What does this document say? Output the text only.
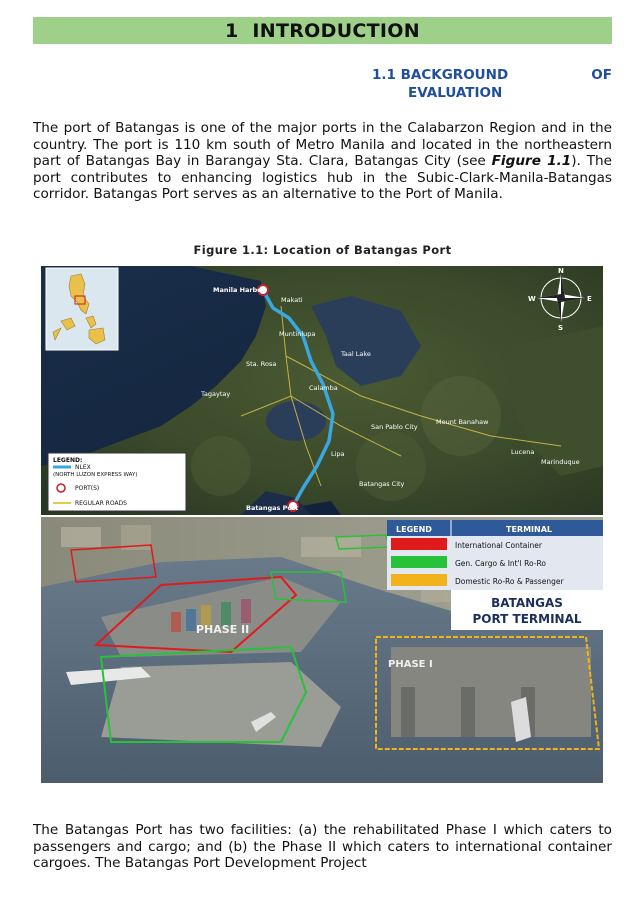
1
INTRODUCTION
1.1 BACKGROUND	OF
EVALUATION
The port of Batangas is one of the major ports in the Calabarzon Region and in the country. The port is 110 km south of Metro Manila and located in the northeastern part of Batangas Bay in Barangay Sta. Clara, Batangas City (see Figure 1.1). The port contributes to enhancing logistics hub in the Subic-Clark-Manila-Batangas corridor. Batangas Port serves as an alternative to the Port of Manila.
Figure 1.1: Location of Batangas Port
Manila Harbor
Batangas Port
Makati
Muntinlupa
Taal Lake
Calamba
Sta. Rosa
Tagaytay
Lipa
San Pablo City
Batangas City
Mount Banahaw
Lucena
Marinduque
N
S
E
W
LEGEND:
NLEX
(NORTH LUZON EXPRESS WAY)
PORT(S)
REGULAR ROADS
PHASE II
PHASE I
LEGEND	TERMINAL
International Container
Gen. Cargo & Int'l Ro-Ro
Domestic Ro-Ro & Passenger
BATANGAS
PORT TERMINAL
The Batangas Port has two facilities: (a) the rehabilitated Phase I which caters to passengers and cargo; and (b) the Phase II which caters to international container cargoes. The Batangas Port Development Project
